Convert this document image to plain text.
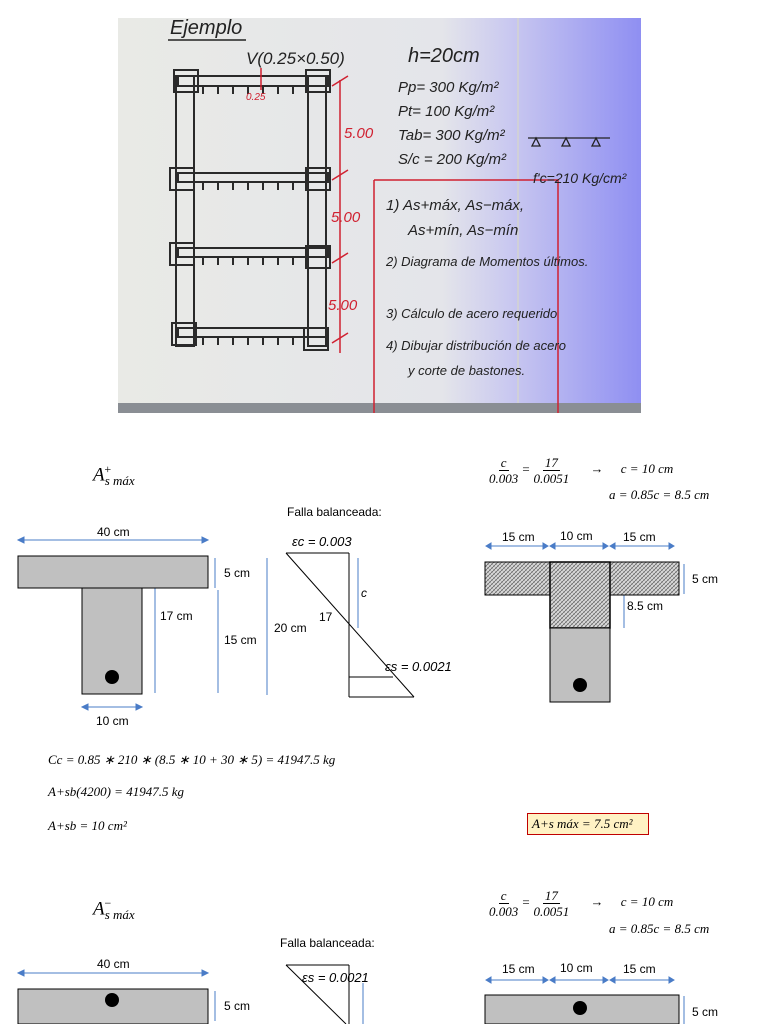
Ejemplo
V(0.25×0.50)
0.25
5.00
5.00
5.00
h=20cm
Pp= 300 Kg/m²
Pt= 100 Kg/m²
Tab= 300 Kg/m²
S/c = 200 Kg/m²
f'c=210 Kg/cm²
1) As+máx, As−máx,
As+mín, As−mín
2) Diagrama de Momentos últimos.
3) Cálculo de acero requerido
4) Dibujar distribución de acero
y corte de bastones.
$A^+_{s máx}$
Falla balanceada:
$\frac{c}{0.003} = \frac{17}{0.0051} \to c = 10$ cm
a = 0.85c = 8.5 cm
40 cm
5 cm
17 cm
15 cm
20 cm
10 cm
εc = 0.003
c
17
εs = 0.0021
15 cm 10 cm	15 cm
5 cm
8.5 cm
Cc = 0.85 ∗ 210 ∗ (8.5 ∗ 10 + 30 ∗ 5) = 41947.5 kg
A+sb(4200) = 41947.5 kg
A+sb = 10 cm²	A+s máx = 7.5 cm²
$A^-_{s máx}$
Falla balanceada:
$\frac{c}{0.003} = \frac{17}{0.0051} \to c = 10$ cm
a = 0.85c = 8.5 cm
40 cm
5 cm
εs = 0.0021
15 cm 10 cm	15 cm
5 cm
